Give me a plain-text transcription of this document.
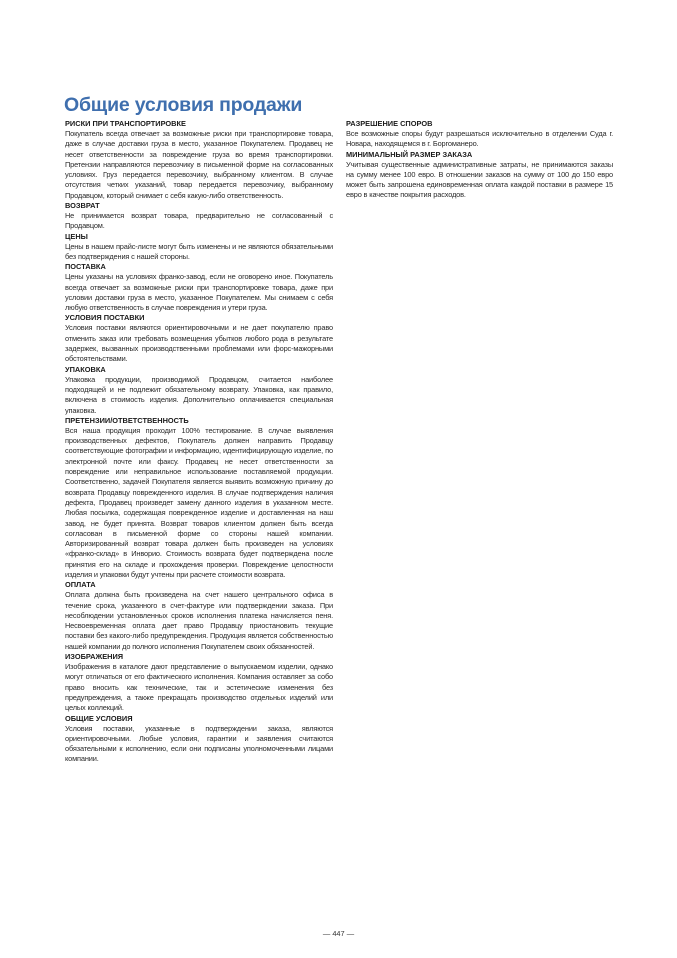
Общие условия продажи

РИСКИ ПРИ ТРАНСПОРТИРОВКЕ

Покупатель всегда отвечает за возможные риски при транспортировке товара, даже в случае доставки груза в место, указанное Покупателем. Продавец не несет ответственности за повреждение груза во время транспортировки. Претензии направляются перевозчику в письменной форме на согласованных условиях. Груз передается перевозчику, выбранному клиентом. В случае отсутствия четких указаний, товар передается перевозчику, выбранному Продавцом, который снимает с себя какую-либо ответственность.

ВОЗВРАТ

Не принимается возврат товара, предварительно не согласованный с Продавцом.

ЦЕНЫ

Цены в нашем прайс-листе могут быть изменены и не являются обязательными без подтверждения с нашей стороны.

ПОСТАВКА

Цены указаны на условиях франко-завод, если не оговорено иное. Покупатель всегда отвечает за возможные риски при транспортировке товара, даже при условии доставки груза в место, указанное Покупателем. Мы снимаем с себя любую ответственность в случае повреждения и утери груза.

УСЛОВИЯ ПОСТАВКИ

Условия поставки являются ориентировочными и не дает покупателю право отменить заказ или требовать возмещения убытков любого рода в результате задержек, вызванных производственными проблемами или форс-мажорными обстоятельствами.

УПАКОВКА

Упаковка продукции, производимой Продавцом, считается наиболее подходящей и не подлежит обязательному возврату. Упаковка, как правило, включена в стоимость изделия. Дополнительно оплачивается специальная упаковка.

ПРЕТЕНЗИИ/ОТВЕТСТВЕННОСТЬ

Вся наша продукция проходит 100% тестирование. В случае выявления производственных дефектов, Покупатель должен направить Продавцу соответствующие фотографии и информацию, идентифицирующую изделие, по электронной почте или факсу. Продавец не несет ответственности за повреждение или неправильное использование поставляемой продукции. Соответственно, задачей Покупателя является выявить возможную причину до возврата Продавцу поврежденного изделия. В случае подтверждения наличия дефекта, Продавец произведет замену данного изделия в указанном месте. Любая посылка, содержащая поврежденное изделие и доставленная на наш завод, не будет принята. Возврат товаров клиентом должен быть всегда согласован в письменной форме со стороны нашей компании. Авторизированный возврат товара должен быть произведен на условиях «франко-склад» в Инворио. Стоимость возврата будет подтверждена после принятия его на складе и прохождения проверки. Повреждение целостности изделия и упаковки будут учтены при расчете стоимости возврата.

ОПЛАТА

Оплата должна быть произведена на счет нашего центрального офиса в течение срока, указанного в счет-фактуре или подтверждении заказа. При несоблюдении установленных сроков исполнения платежа начисляется пеня. Несвоевременная оплата дает право Продавцу приостановить текущие поставки без какого-либо предупреждения. Продукция является собственностью нашей компании до полного исполнения Покупателем своих обязанностей.

ИЗОБРАЖЕНИЯ

Изображения в каталоге дают представление о выпускаемом изделии, однако могут отличаться от его фактического исполнения. Компания оставляет за собо право вносить как технические, так и эстетические изменения без предупреждения, а также прекращать производство отдельных изделий или целых коллекций.

ОБЩИЕ УСЛОВИЯ

Условия поставки, указанные в подтверждении заказа, являются ориентировочными. Любые условия, гарантии и заявления считаются обязательными к исполнению, если они подписаны уполномоченными лицами компании.

РАЗРЕШЕНИЕ СПОРОВ

Все возможные споры будут разрешаться исключительно в отделении Суда г. Новара, находящемся в г. Боргоманеро.

МИНИМАЛЬНЫЙ РАЗМЕР ЗАКАЗА

Учитывая существенные административные затраты, не принимаются заказы на сумму менее 100 евро. В отношении заказов на сумму от 100 до 150 евро может быть запрошена единовременная оплата каждой поставки в размере 15 евро в качестве покрытия расходов.

— 447 —
